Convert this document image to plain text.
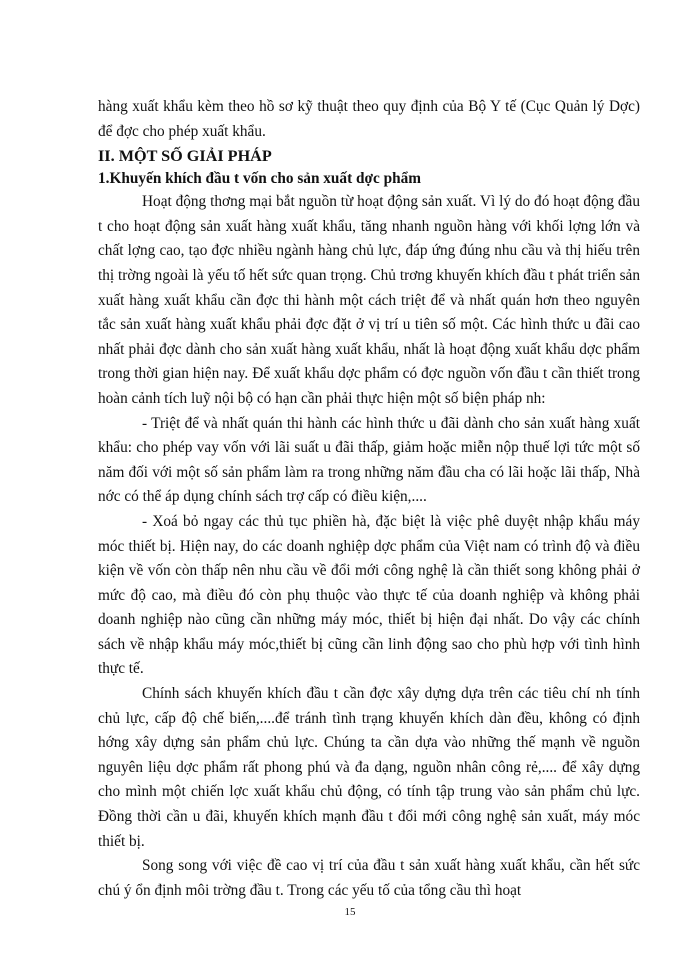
hàng xuất khẩu kèm theo hồ sơ kỹ thuật theo quy định của Bộ Y tế (Cục Quản lý Dợc) để đợc cho phép xuất khẩu.

II. MỘT SỐ GIẢI PHÁP

1.Khuyến khích đầu t vốn cho sản xuất dợc phẩm

Hoạt động thơng mại bắt nguồn từ hoạt động sản xuất. Vì lý do đó hoạt động đầu t cho hoạt động sản xuất hàng xuất khẩu, tăng nhanh nguồn hàng với khối lợng lớn và chất lợng cao, tạo đợc nhiều ngành hàng chủ lực, đáp ứng đúng nhu cầu và thị hiếu trên thị trờng ngoài là yếu tố hết sức quan trọng. Chủ trơng khuyến khích đầu t phát triển sản xuất hàng xuất khẩu cần đợc thi hành một cách triệt để và nhất quán hơn theo nguyên tắc sản xuất hàng xuất khẩu phải đợc đặt ở vị trí u tiên số một. Các hình thức u đãi cao nhất phải đợc dành cho sản xuất hàng xuất khẩu, nhất là hoạt động xuất khẩu dợc phẩm trong thời gian hiện nay. Để xuất khẩu dợc phẩm có đợc nguồn vốn đầu t cần thiết trong hoàn cảnh tích luỹ nội bộ có hạn cần phải thực hiện một số biện pháp nh:

- Triệt để và nhất quán thi hành các hình thức u đãi dành cho sản xuất hàng xuất khẩu: cho phép vay vốn với lãi suất u đãi thấp, giảm hoặc miễn nộp thuế lợi tức một số năm đối với một số sản phẩm làm ra trong những năm đầu cha có lãi hoặc lãi thấp, Nhà nớc có thể áp dụng chính sách trợ cấp có điều kiện,....

- Xoá bỏ ngay các thủ tục phiền hà, đặc biệt là việc phê duyệt nhập khẩu máy móc thiết bị. Hiện nay, do các doanh nghiệp dợc phẩm của Việt nam có trình độ và điều kiện về vốn còn thấp nên nhu cầu về đổi mới công nghệ là cần thiết song không phải ở mức độ cao, mà điều đó còn phụ thuộc vào thực tế của doanh nghiệp và không phải doanh nghiệp nào cũng cần những máy móc, thiết bị hiện đại nhất. Do vậy các chính sách về nhập khẩu máy móc,thiết bị cũng cần linh động sao cho phù hợp với tình hình thực tế.

Chính sách khuyến khích đầu t cần đợc xây dựng dựa trên các tiêu chí nh tính chủ lực, cấp độ chế biến,....để tránh tình trạng khuyến khích dàn đều, không có định hớng xây dựng sản phẩm chủ lực. Chúng ta cần dựa vào những thế mạnh về nguồn nguyên liệu dợc phẩm rất phong phú và đa dạng, nguồn nhân công rẻ,.... để xây dựng cho mình một chiến lợc xuất khẩu chủ động, có tính tập trung vào sản phẩm chủ lực. Đồng thời cần u đãi, khuyến khích mạnh đầu t đổi mới công nghệ sản xuất, máy móc thiết bị.

Song song với việc đề cao vị trí của đầu t sản xuất hàng xuất khẩu, cần hết sức chú ý ổn định môi trờng đầu t. Trong các yếu tố của tổng cầu thì hoạt

15
